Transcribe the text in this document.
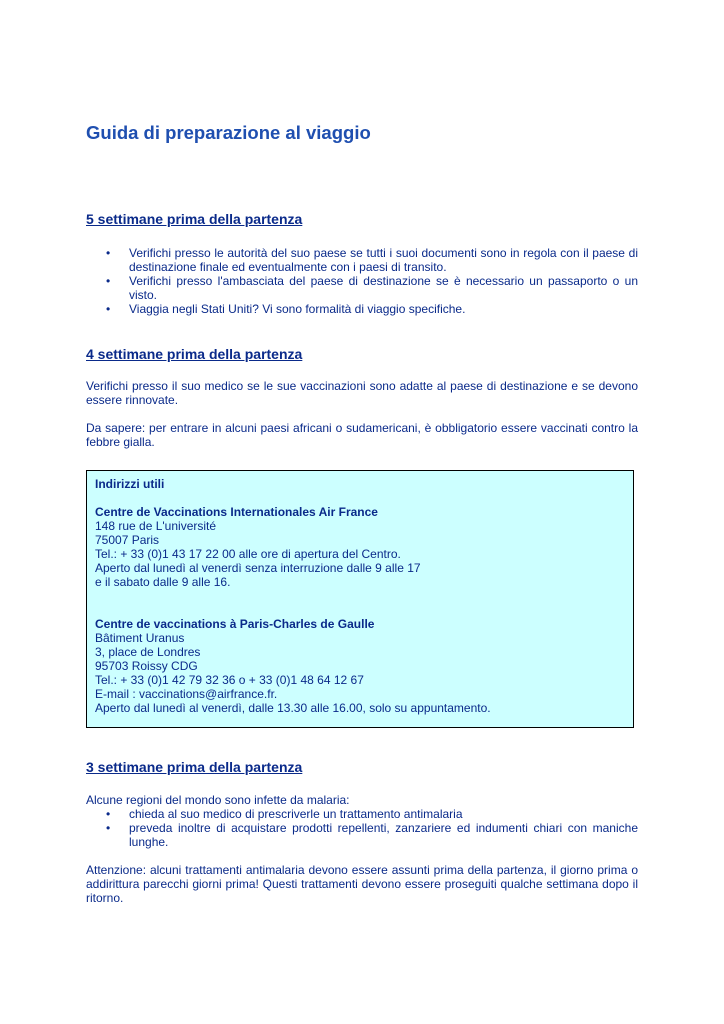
Guida di preparazione al viaggio
5 settimane prima della partenza
• Verifichi presso le autorità del suo paese se tutti i suoi documenti sono in regola con il paese di destinazione finale ed eventualmente con i paesi di transito.
• Verifichi presso l'ambasciata del paese di destinazione se è necessario un passaporto o un visto.
• Viaggia negli Stati Uniti? Vi sono formalità di viaggio specifiche.
4 settimane prima della partenza

Verifichi presso il suo medico se le sue vaccinazioni sono adatte al paese di destinazione e se devono essere rinnovate.

Da sapere: per entrare in alcuni paesi africani o sudamericani, è obbligatorio essere vaccinati contro la febbre gialla.

Indirizzi utili
Centre de Vaccinations Internationales Air France
148 rue de L'université
75007 Paris
Tel.: + 33 (0)1 43 17 22 00 alle ore di apertura del Centro.
Aperto dal lunedì al venerdì senza interruzione dalle 9 alle 17
e il sabato dalle 9 alle 16.
Centre de vaccinations à Paris-Charles de Gaulle
Bâtiment Uranus
3, place de Londres
95703 Roissy CDG
Tel.: + 33 (0)1 42 79 32 36 o + 33 (0)1 48 64 12 67
E-mail : vaccinations@airfrance.fr.
Aperto dal lunedì al venerdì, dalle 13.30 alle 16.00, solo su appuntamento.
3 settimane prima della partenza

Alcune regioni del mondo sono infette da malaria:

• chieda al suo medico di prescriverle un trattamento antimalaria
• preveda inoltre di acquistare prodotti repellenti, zanzariere ed indumenti chiari con maniche lunghe.

Attenzione: alcuni trattamenti antimalaria devono essere assunti prima della partenza, il giorno prima o addirittura parecchi giorni prima! Questi trattamenti devono essere proseguiti qualche settimana dopo il ritorno.
